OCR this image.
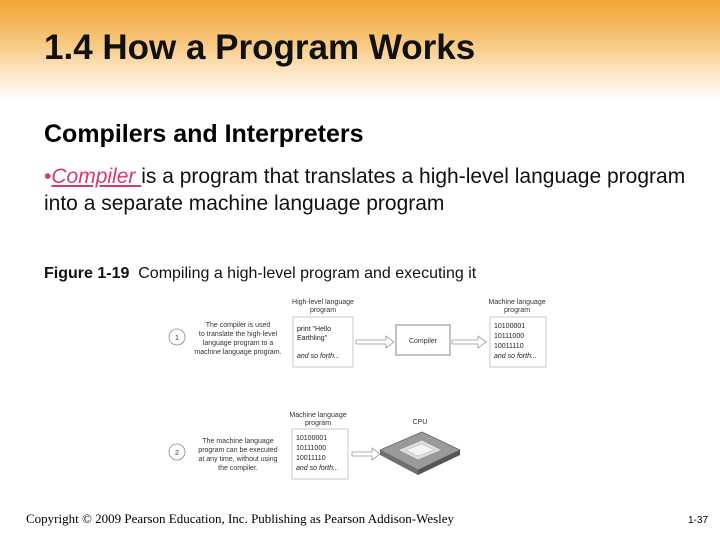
1.4 How a Program Works
Compilers and Interpreters
•Compiler is a program that translates a high-level language program into a separate machine language program
Figure 1-19 Compiling a high-level program and executing it
1
The compiler is used
to translate the high-level
language program to a
machine language program.
High-level language
program
print "Hello
Earthling"
and so forth...
Compiler
Machine language
program
10100001
10111000
10011110
and so forth...
2
The machine language
program can be executed
at any time, without using
the compiler.
Machine language
program
10100001
10111000
10011110
and so forth...
CPU
Copyright © 2009 Pearson Education, Inc. Publishing as Pearson Addison-Wesley	1-37
